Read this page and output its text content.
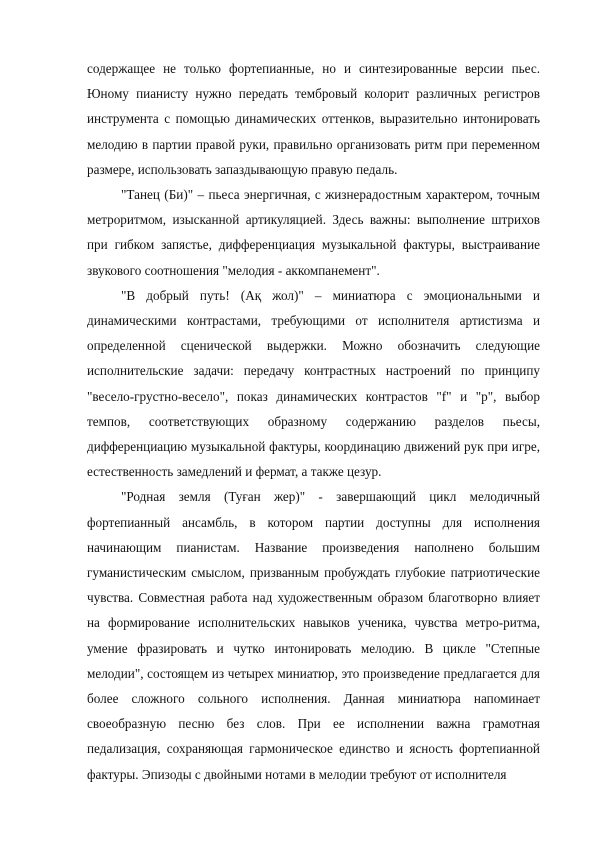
содержащее не только фортепианные, но и синтезированные версии пьес. Юному пианисту нужно передать тембровый колорит различных регистров инструмента с помощью динамических оттенков, выразительно интонировать мелодию в партии правой руки, правильно организовать ритм при переменном размере, использовать запаздывающую правую педаль.

"Танец (Би)" – пьеса энергичная, с жизнерадостным характером, точным метроритмом, изысканной артикуляцией. Здесь важны: выполнение штрихов при гибком запястье, дифференциация музыкальной фактуры, выстраивание звукового соотношения "мелодия - аккомпанемент".

"В добрый путь! (Ақ жол)" – миниатюра с эмоциональными и динамическими контрастами, требующими от исполнителя артистизма и определенной сценической выдержки. Можно обозначить следующие исполнительские задачи: передачу контрастных настроений по принципу "весело-грустно-весело", показ динамических контрастов "f" и "p", выбор темпов, соответствующих образному содержанию разделов пьесы, дифференциацию музыкальной фактуры, координацию движений рук при игре, естественность замедлений и фермат, а также цезур.

"Родная земля (Туған жер)" - завершающий цикл мелодичный фортепианный ансамбль, в котором партии доступны для исполнения начинающим пианистам. Название произведения наполнено большим гуманистическим смыслом, призванным пробуждать глубокие патриотические чувства. Совместная работа над художественным образом благотворно влияет на формирование исполнительских навыков ученика, чувства метро-ритма, умение фразировать и чутко интонировать мелодию. В цикле "Степные мелодии", состоящем из четырех миниатюр, это произведение предлагается для более сложного сольного исполнения. Данная миниатюра напоминает своеобразную песню без слов. При ее исполнении важна грамотная педализация, сохраняющая гармоническое единство и ясность фортепианной фактуры. Эпизоды с двойными нотами в мелодии требуют от исполнителя
